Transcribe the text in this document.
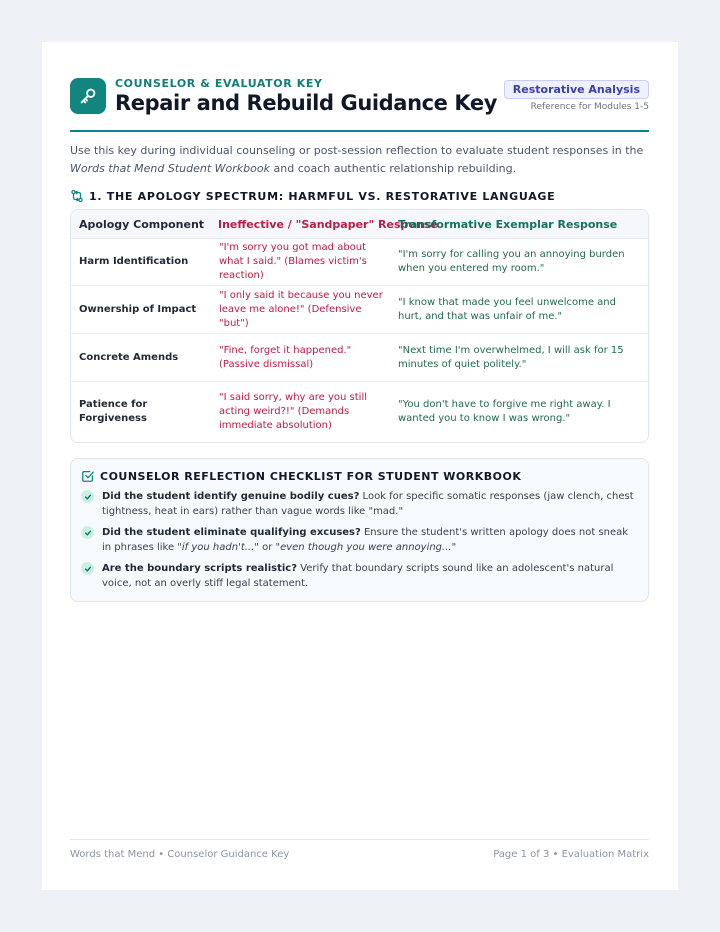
COUNSELOR & EVALUATOR KEY
Repair and Rebuild Guidance Key
Restorative Analysis
Reference for Modules 1-5
Use this key during individual counseling or post-session reflection to evaluate student responses in the Words that Mend Student Workbook and coach authentic relationship rebuilding.
1. THE APOLOGY SPECTRUM: HARMFUL VS. RESTORATIVE LANGUAGE
Apology Component	Ineffective / "Sandpaper" Response
Transformative Exemplar Response
Harm Identification
"I'm sorry you got mad about what I said." (Blames victim's reaction)
"I'm sorry for calling you an annoying burden when you entered my room."
Ownership of Impact
"I only said it because you never leave me alone!" (Defensive "but")
"I know that made you feel unwelcome and hurt, and that was unfair of me."
Concrete Amends
"Fine, forget it happened." (Passive dismissal)
"Next time I'm overwhelmed, I will ask for 15 minutes of quiet politely."
Patience for Forgiveness
"I said sorry, why are you still acting weird?!" (Demands immediate absolution)
"You don't have to forgive me right away. I wanted you to know I was wrong."
COUNSELOR REFLECTION CHECKLIST FOR STUDENT WORKBOOK
Did the student identify genuine bodily cues? Look for specific somatic responses (jaw clench, chest tightness, heat in ears) rather than vague words like "mad."
Did the student eliminate qualifying excuses? Ensure the student's written apology does not sneak in phrases like "if you hadn't..." or "even though you were annoying..."
Are the boundary scripts realistic? Verify that boundary scripts sound like an adolescent's natural voice, not an overly stiff legal statement.
Words that Mend • Counselor Guidance Key	Page 1 of 3 • Evaluation Matrix
